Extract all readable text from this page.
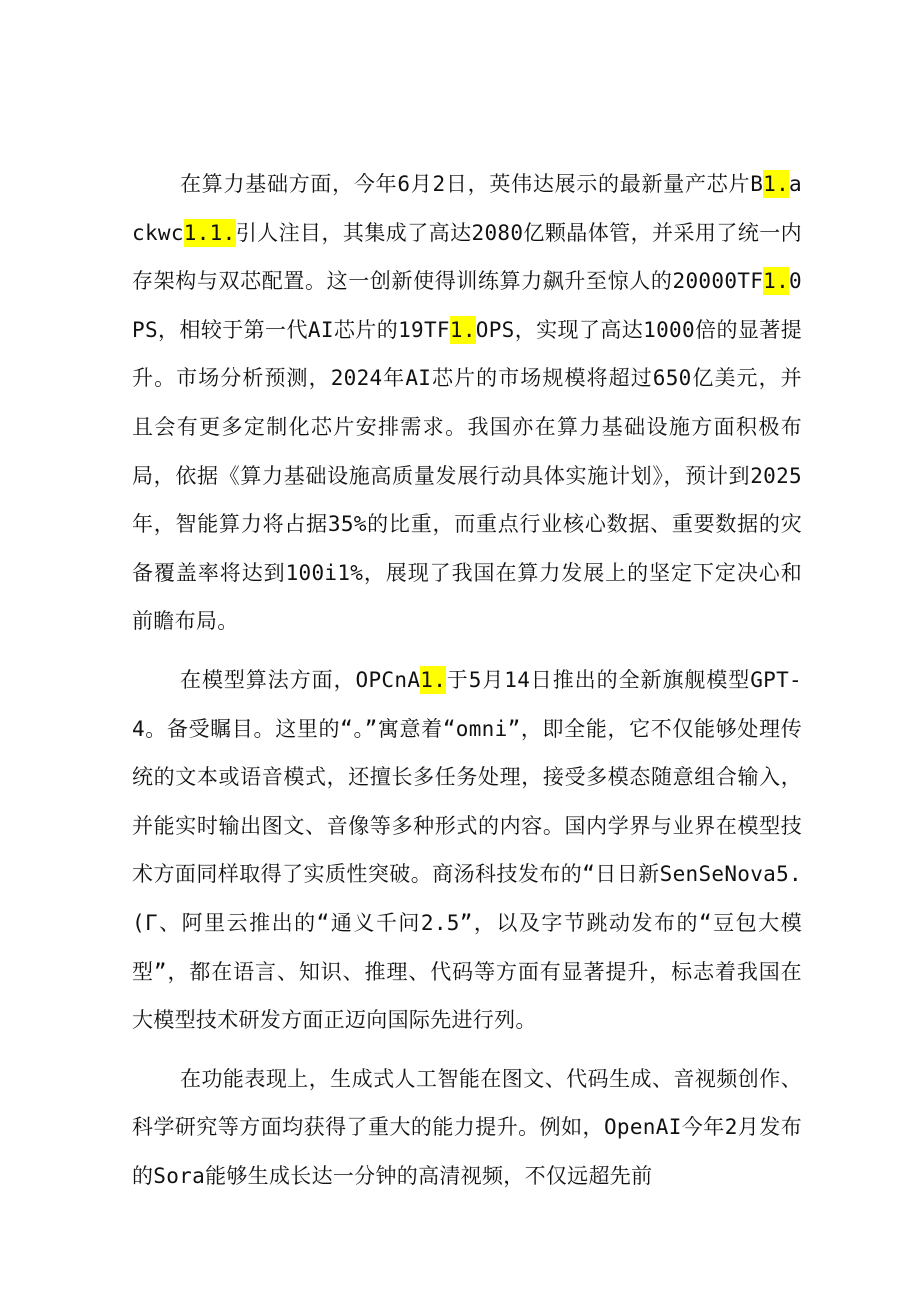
在算力基础方面，今年6月2日，英伟达展示的最新量产芯片B1.ackwc1.1.引人注目，其集成了高达2080亿颗晶体管，并采用了统一内存架构与双芯配置。这一创新使得训练算力飙升至惊人的20000TF1.0PS，相较于第一代AI芯片的19TF1.OPS，实现了高达1000倍的显著提升。市场分析预测，2024年AI芯片的市场规模将超过650亿美元，并且会有更多定制化芯片安排需求。我国亦在算力基础设施方面积极布局，依据《算力基础设施高质量发展行动具体实施计划》，预计到2025年，智能算力将占据35%的比重，而重点行业核心数据、重要数据的灾备覆盖率将达到100i1%，展现了我国在算力发展上的坚定下定决心和前瞻布局。

在模型算法方面，OPCnA1.于5月14日推出的全新旗舰模型GPT-4。备受瞩目。这里的“。”寓意着“omni”，即全能，它不仅能够处理传统的文本或语音模式，还擅长多任务处理，接受多模态随意组合输入，并能实时输出图文、音像等多种形式的内容。国内学界与业界在模型技术方面同样取得了实质性突破。商汤科技发布的“日日新SenSeNova5.(Γ、阿里云推出的“通义千问2.5”，以及字节跳动发布的“豆包大模型”，都在语言、知识、推理、代码等方面有显著提升，标志着我国在大模型技术研发方面正迈向国际先进行列。

在功能表现上，生成式人工智能在图文、代码生成、音视频创作、科学研究等方面均获得了重大的能力提升。例如，OpenAI今年2月发布的Sora能够生成长达一分钟的高清视频，不仅远超先前
